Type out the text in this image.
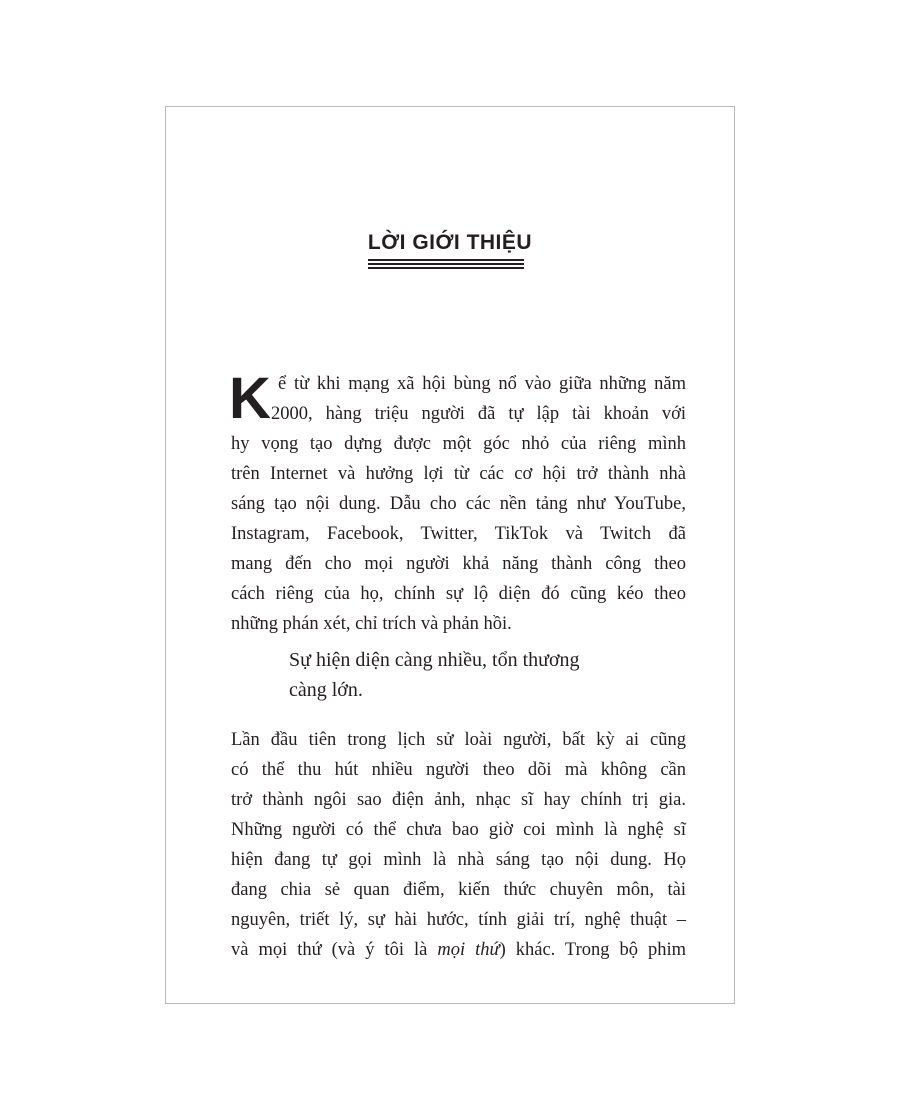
LỜI GIỚI THIỆU
K ể từ khi mạng xã hội bùng nổ vào giữa những năm
2000, hàng triệu người đã tự lập tài khoản với
hy vọng tạo dựng được một góc nhỏ của riêng mình
trên Internet và hưởng lợi từ các cơ hội trở thành nhà
sáng tạo nội dung. Dẫu cho các nền tảng như YouTube,
Instagram, Facebook, Twitter, TikTok và Twitch đã
mang đến cho mọi người khả năng thành công theo
cách riêng của họ, chính sự lộ diện đó cũng kéo theo
những phán xét, chỉ trích và phản hồi.
Sự hiện diện càng nhiều, tổn thương
càng lớn.
Lần đầu tiên trong lịch sử loài người, bất kỳ ai cũng
có thể thu hút nhiều người theo dõi mà không cần
trở thành ngôi sao điện ảnh, nhạc sĩ hay chính trị gia.
Những người có thể chưa bao giờ coi mình là nghệ sĩ
hiện đang tự gọi mình là nhà sáng tạo nội dung. Họ
đang chia sẻ quan điểm, kiến thức chuyên môn, tài
nguyên, triết lý, sự hài hước, tính giải trí, nghệ thuật –
và mọi thứ (và ý tôi là mọi thứ) khác. Trong bộ phim
